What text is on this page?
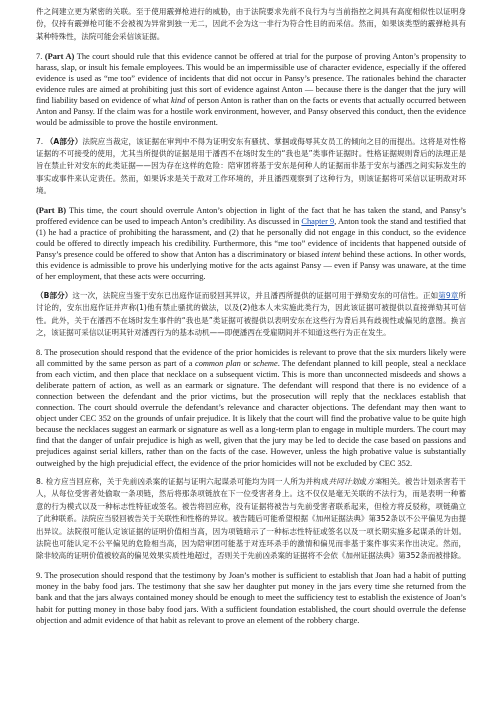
件之间建立更为紧密的关联。至于使用霰弹枪进行的威胁，由于法院要求先前不良行为与当前指控之间具有高度相似性以证明身份，仅持有霰弹枪可能不会被视为异常到独一无二，因此不会为这一非行为符合性目的而采信。然而，如果该类型的霰弹枪具有某种特殊性，法院可能会采信该证据。

7. (Part A) The court should rule that this evidence cannot be offered at trial for the purpose of proving Anton’s propensity to harass, slap, or insult his female employees. This would be an impermissible use of character evidence, especially if the offered evidence is used as “me too” evidence of incidents that did not occur in Pansy’s presence. The rationales behind the character evidence rules are aimed at prohibiting just this sort of evidence against Anton — because there is the danger that the jury will find liability based on evidence of what kind of person Anton is rather than on the facts or events that actually occurred between Anton and Pansy. If the claim was for a hostile work environment, however, and Pansy observed this conduct, then the evidence would be admissible to prove the hostile environment.

7. （A部分）法院应当裁定，该证据在审判中不得为证明安东有骚扰、掌掴或侮辱其女员工的倾向之目的而提出。这将是对性格证据的不可接受的使用，尤其当所提供的证据是用于潘西不在场时发生的“我也是”类事件证据时。性格证据规则背后的法理正是旨在禁止针对安东的此类证据——因为存在这样的危险：陪审团将基于安东是何种人的证据而非基于安东与潘西之间实际发生的事实或事件来认定责任。然而，如果诉求是关于敌对工作环境的，并且潘西观察到了这种行为，则该证据将可采信以证明敌对环境。

(Part B) This time, the court should overrule Anton’s objection in light of the fact that he has taken the stand, and Pansy’s proffered evidence can be used to impeach Anton’s credibility. As discussed in Chapter 9, Anton took the stand and testified that (1) he had a practice of prohibiting the harassment, and (2) that he personally did not engage in this conduct, so the evidence could be offered to directly impeach his credibility. Furthermore, this “me too” evidence of incidents that happened outside of Pansy’s presence could be offered to show that Anton has a discriminatory or biased intent behind these actions. In other words, this evidence is admissible to prove his underlying motive for the acts against Pansy — even if Pansy was unaware, at the time of her employment, that these acts were occurring.

（B部分）这一次，法院应当鉴于安东已出庭作证而驳回其异议，并且潘西所提供的证据可用于弹劾安东的可信性。正如第9章所讨论的，安东出庭作证并声称(1)他有禁止骚扰的做法，以及(2)他本人未实施此类行为，因此该证据可被提供以直接弹劾其可信性。此外，关于在潘西不在场时发生事件的“我也是”类证据可被提供以表明安东在这些行为背后具有歧视性或偏见的意图。换言之，该证据可采信以证明其针对潘西行为的基本动机——即便潘西在受雇期间并不知道这些行为正在发生。

8. The prosecution should respond that the evidence of the prior homicides is relevant to prove that the six murders likely were all committed by the same person as part of a common plan or scheme. The defendant planned to kill people, steal a necklace from each victim, and then place that necklace on a subsequent victim. This is more than unconnected misdeeds and shows a deliberate pattern of action, as well as an earmark or signature. The defendant will respond that there is no evidence of a connection between the defendant and the prior victims, but the prosecution will reply that the necklaces establish that connection. The court should overrule the defendant’s relevance and character objections. The defendant may then want to object under CEC 352 on the grounds of unfair prejudice. It is likely that the court will find the probative value to be quite high because the necklaces suggest an earmark or signature as well as a long-term plan to engage in multiple murders. The court may find that the danger of unfair prejudice is high as well, given that the jury may be led to decide the case based on passions and prejudices against serial killers, rather than on the facts of the case. However, unless the high probative value is substantially outweighed by the high prejudicial effect, the evidence of the prior homicides will not be excluded by CEC 352.

8. 检方应当回应称，关于先前凶杀案的证据与证明六起谋杀可能均为同一人所为并构成共同计划或方案相关。被告计划杀害若干人，从每位受害者处偷取一条项链，然后将那条项链放在下一位受害者身上。这不仅仅是毫无关联的不法行为，而是表明一种蓄意的行为模式以及一种标志性特征或签名。被告将回应称，没有证据将被告与先前受害者联系起来，但检方将反驳称，项链确立了此种联系。法院应当驳回被告关于关联性和性格的异议。被告随后可能希望根据《加州证据法典》第352条以不公平偏见为由提出异议。法院很可能认定该证据的证明价值相当高，因为项链暗示了一种标志性特征或签名以及一项长期实施多起谋杀的计划。法院也可能认定不公平偏见的危险相当高，因为陪审团可能基于对连环杀手的激情和偏见而非基于案件事实来作出决定。然而，除非较高的证明价值被较高的偏见效果实质性地超过，否则关于先前凶杀案的证据将不会依《加州证据法典》第352条而被排除。

9. The prosecution should respond that the testimony by Joan’s mother is sufficient to establish that Joan had a habit of putting money in the baby food jars. The testimony that she saw her daughter put money in the jars every time she returned from the bank and that the jars always contained money should be enough to meet the sufficiency test to establish the existence of Joan’s habit for putting money in those baby food jars. With a sufficient foundation established, the court should overrule the defense objection and admit evidence of that habit as relevant to prove an element of the robbery charge.
